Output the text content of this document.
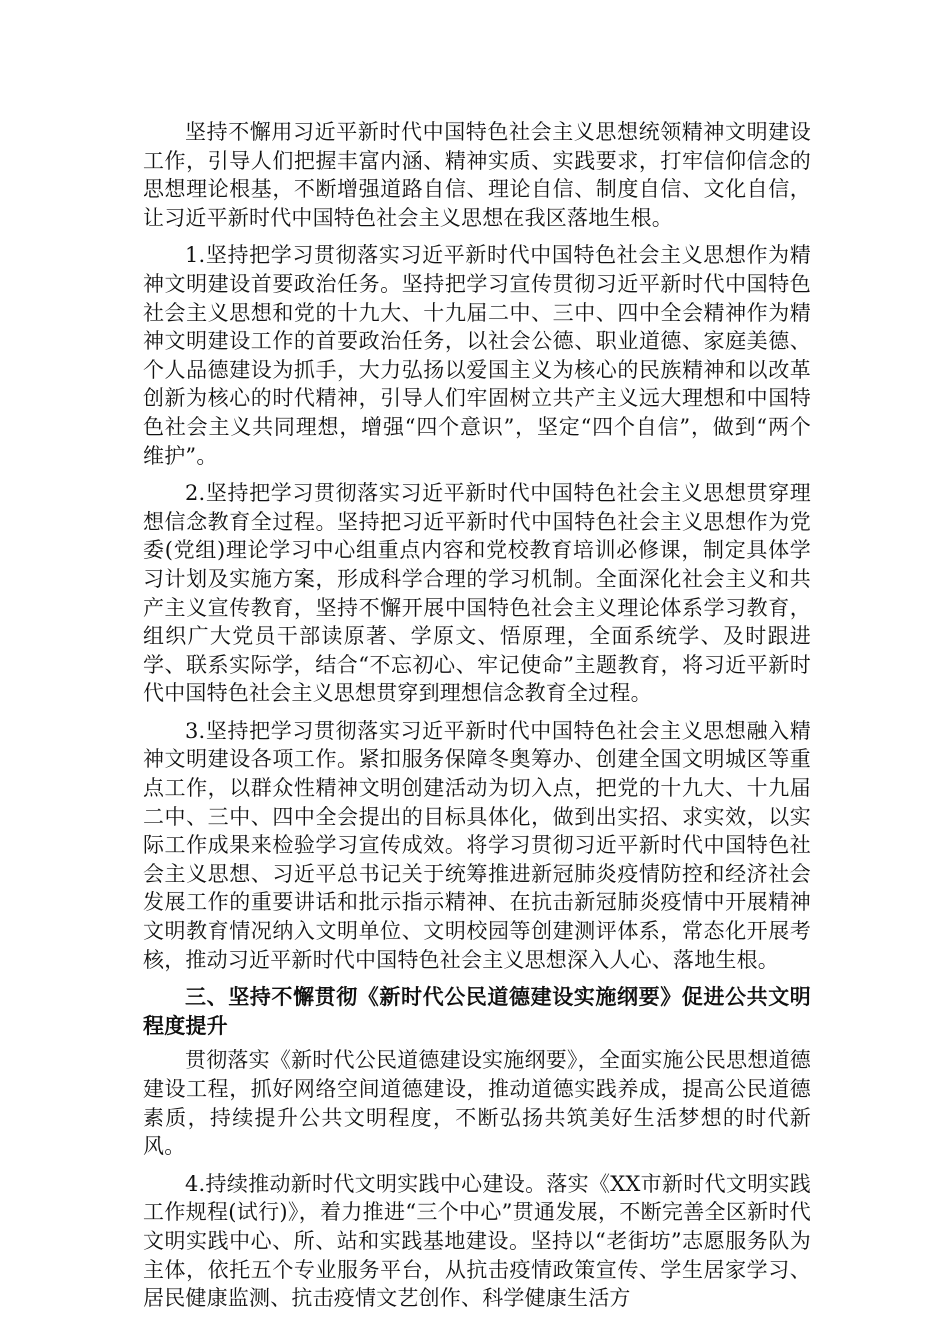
坚持不懈用习近平新时代中国特色社会主义思想统领精神文明建设工作，引导人们把握丰富内涵、精神实质、实践要求，打牢信仰信念的思想理论根基，不断增强道路自信、理论自信、制度自信、文化自信，让习近平新时代中国特色社会主义思想在我区落地生根。

1.坚持把学习贯彻落实习近平新时代中国特色社会主义思想作为精神文明建设首要政治任务。坚持把学习宣传贯彻习近平新时代中国特色社会主义思想和党的十九大、十九届二中、三中、四中全会精神作为精神文明建设工作的首要政治任务，以社会公德、职业道德、家庭美德、个人品德建设为抓手，大力弘扬以爱国主义为核心的民族精神和以改革创新为核心的时代精神，引导人们牢固树立共产主义远大理想和中国特色社会主义共同理想，增强“四个意识”，坚定“四个自信”，做到“两个维护”。

2.坚持把学习贯彻落实习近平新时代中国特色社会主义思想贯穿理想信念教育全过程。坚持把习近平新时代中国特色社会主义思想作为党委(党组)理论学习中心组重点内容和党校教育培训必修课，制定具体学习计划及实施方案，形成科学合理的学习机制。全面深化社会主义和共产主义宣传教育，坚持不懈开展中国特色社会主义理论体系学习教育，组织广大党员干部读原著、学原文、悟原理，全面系统学、及时跟进学、联系实际学，结合“不忘初心、牢记使命”主题教育，将习近平新时代中国特色社会主义思想贯穿到理想信念教育全过程。

3.坚持把学习贯彻落实习近平新时代中国特色社会主义思想融入精神文明建设各项工作。紧扣服务保障冬奥筹办、创建全国文明城区等重点工作，以群众性精神文明创建活动为切入点，把党的十九大、十九届二中、三中、四中全会提出的目标具体化，做到出实招、求实效，以实际工作成果来检验学习宣传成效。将学习贯彻习近平新时代中国特色社会主义思想、习近平总书记关于统筹推进新冠肺炎疫情防控和经济社会发展工作的重要讲话和批示指示精神、在抗击新冠肺炎疫情中开展精神文明教育情况纳入文明单位、文明校园等创建测评体系，常态化开展考核，推动习近平新时代中国特色社会主义思想深入人心、落地生根。

三、坚持不懈贯彻《新时代公民道德建设实施纲要》促进公共文明程度提升

贯彻落实《新时代公民道德建设实施纲要》，全面实施公民思想道德建设工程，抓好网络空间道德建设，推动道德实践养成，提高公民道德素质，持续提升公共文明程度，不断弘扬共筑美好生活梦想的时代新风。

4.持续推动新时代文明实践中心建设。落实《XX市新时代文明实践工作规程(试行)》，着力推进“三个中心”贯通发展，不断完善全区新时代文明实践中心、所、站和实践基地建设。坚持以“老街坊”志愿服务队为主体，依托五个专业服务平台，从抗击疫情政策宣传、学生居家学习、居民健康监测、抗击疫情文艺创作、科学健康生活方
